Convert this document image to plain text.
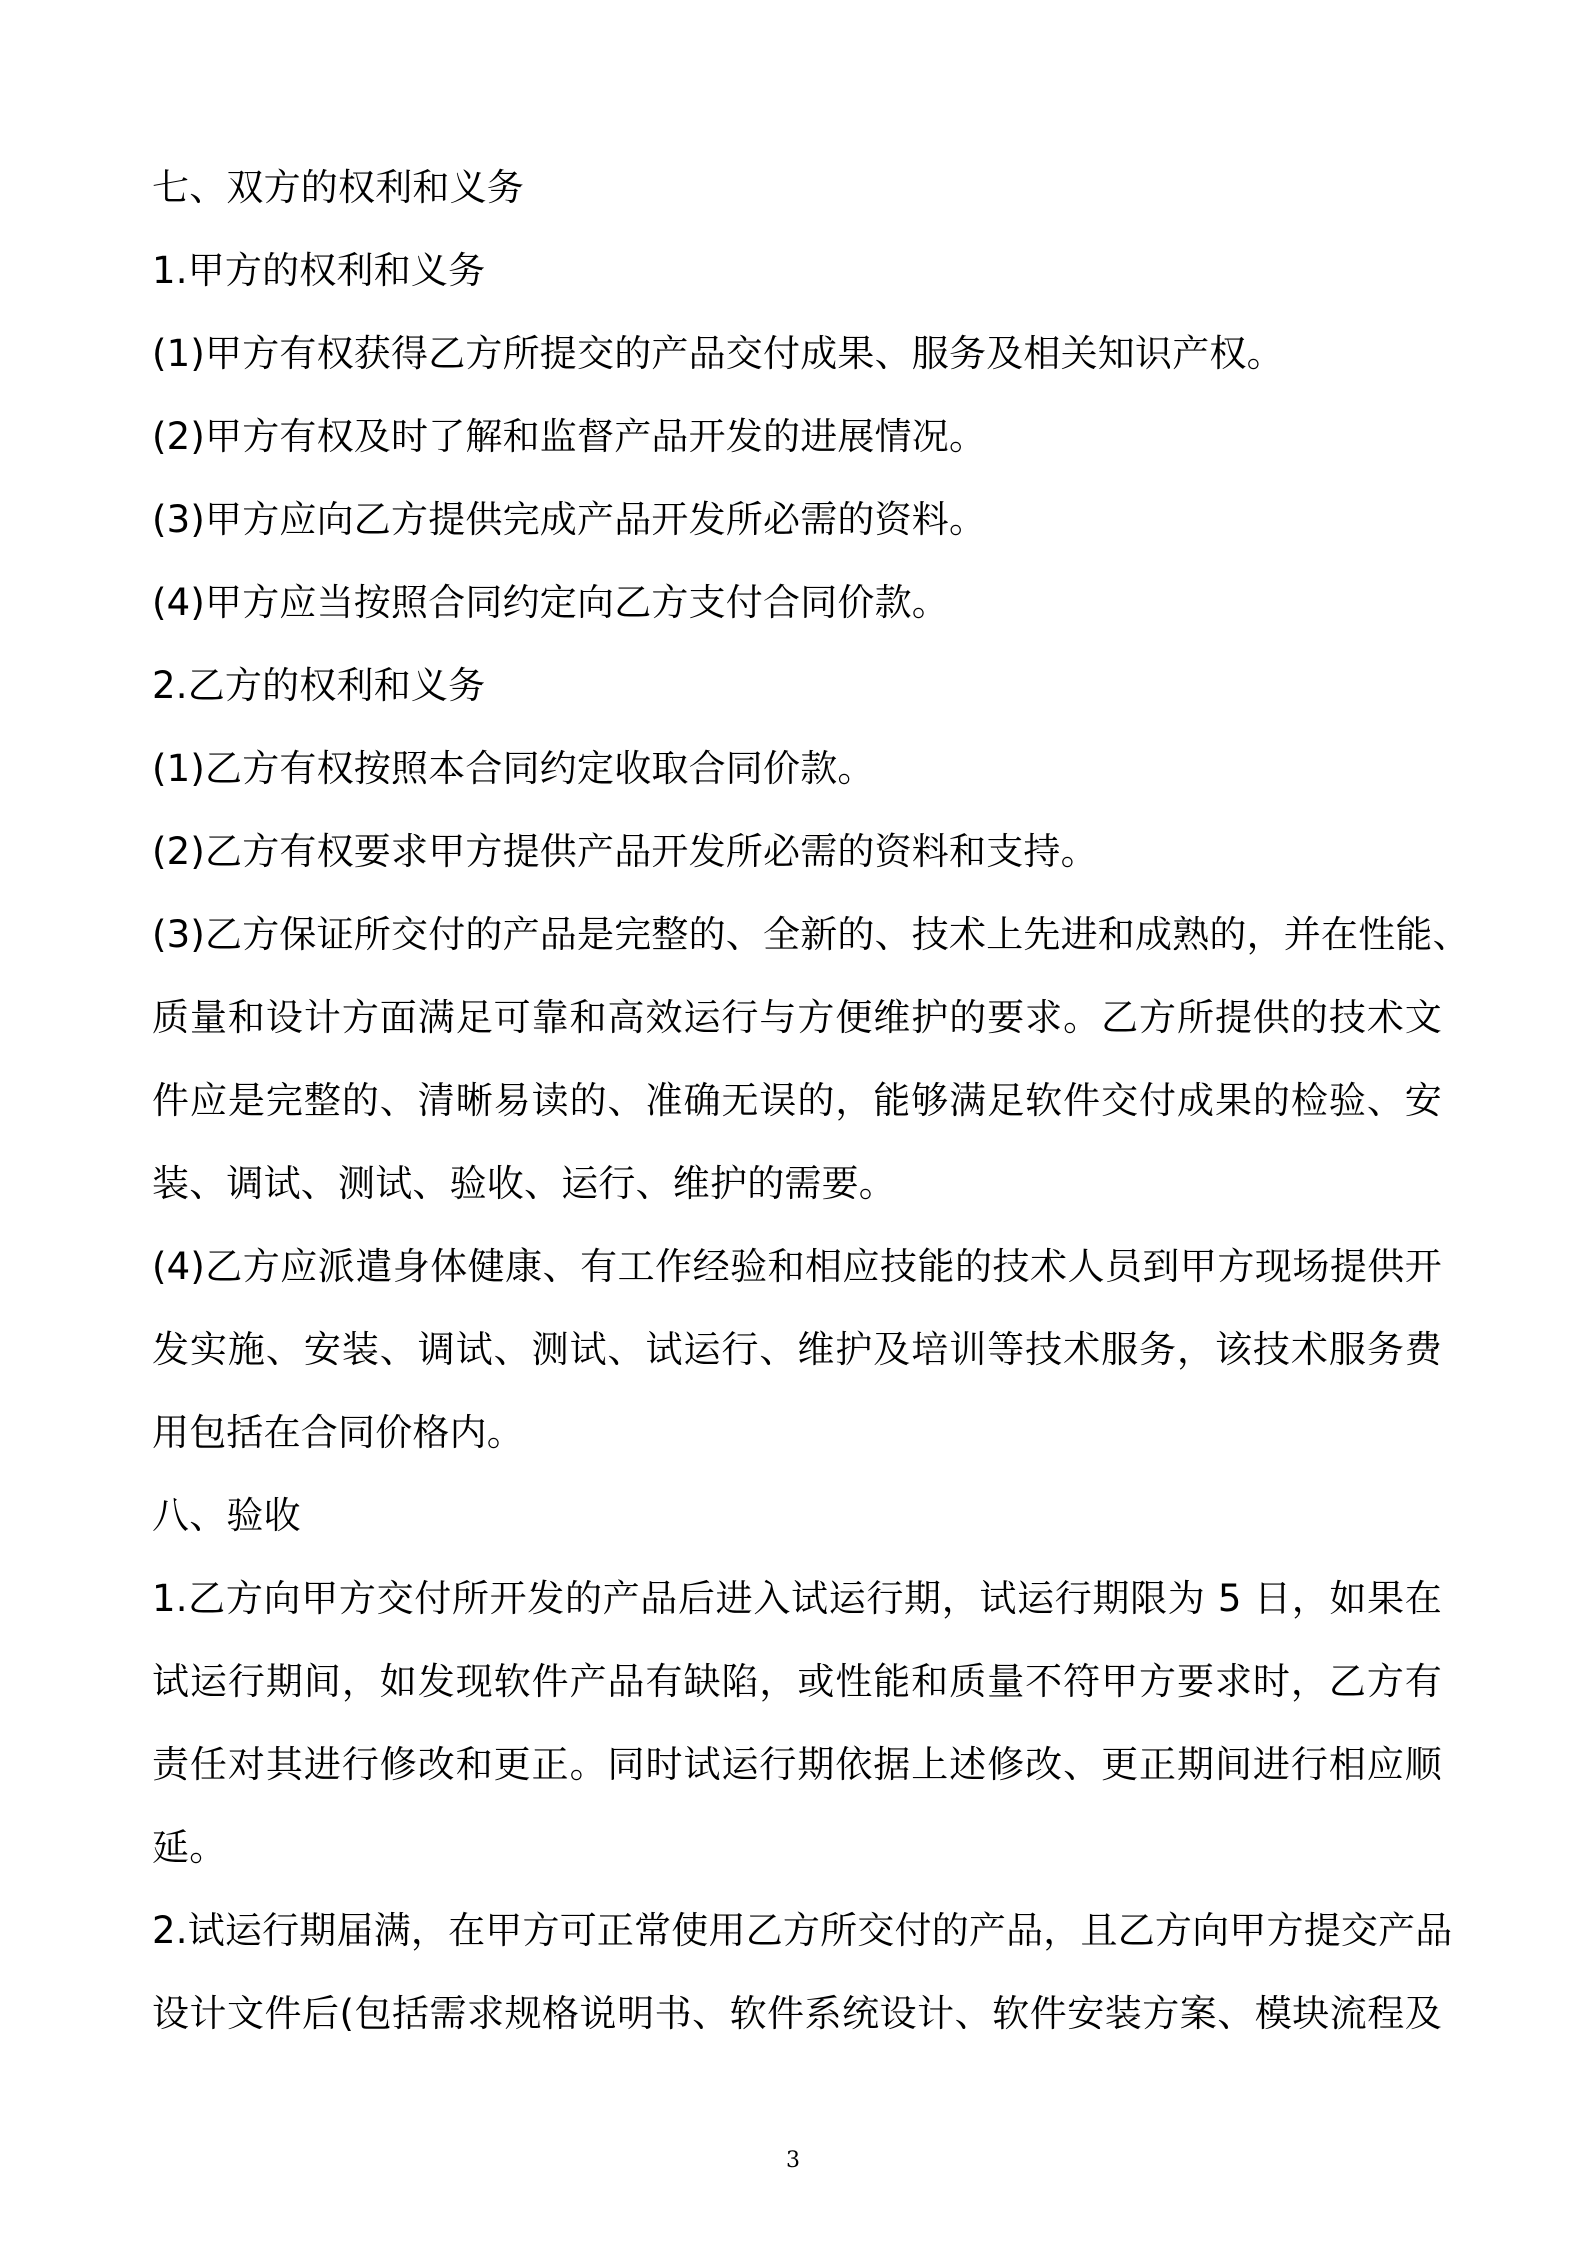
七、双方的权利和义务
1.甲方的权利和义务
(1)甲方有权获得乙方所提交的产品交付成果、服务及相关知识产权。
(2)甲方有权及时了解和监督产品开发的进展情况。
(3)甲方应向乙方提供完成产品开发所必需的资料。
(4)甲方应当按照合同约定向乙方支付合同价款。
2.乙方的权利和义务
(1)乙方有权按照本合同约定收取合同价款。
(2)乙方有权要求甲方提供产品开发所必需的资料和支持。
(3)乙方保证所交付的产品是完整的、全新的、技术上先进和成熟的，并在性能、
质量和设计方面满足可靠和高效运行与方便维护的要求。乙方所提供的技术文
件应是完整的、清晰易读的、准确无误的，能够满足软件交付成果的检验、安
装、调试、测试、验收、运行、维护的需要。
(4)乙方应派遣身体健康、有工作经验和相应技能的技术人员到甲方现场提供开
发实施、安装、调试、测试、试运行、维护及培训等技术服务，该技术服务费
用包括在合同价格内。
八、验收
1.乙方向甲方交付所开发的产品后进入试运行期，试运行期限为 5 日，如果在
试运行期间，如发现软件产品有缺陷，或性能和质量不符甲方要求时，乙方有
责任对其进行修改和更正。同时试运行期依据上述修改、更正期间进行相应顺
延。
2.试运行期届满，在甲方可正常使用乙方所交付的产品，且乙方向甲方提交产品
设计文件后(包括需求规格说明书、软件系统设计、软件安装方案、模块流程及
3
